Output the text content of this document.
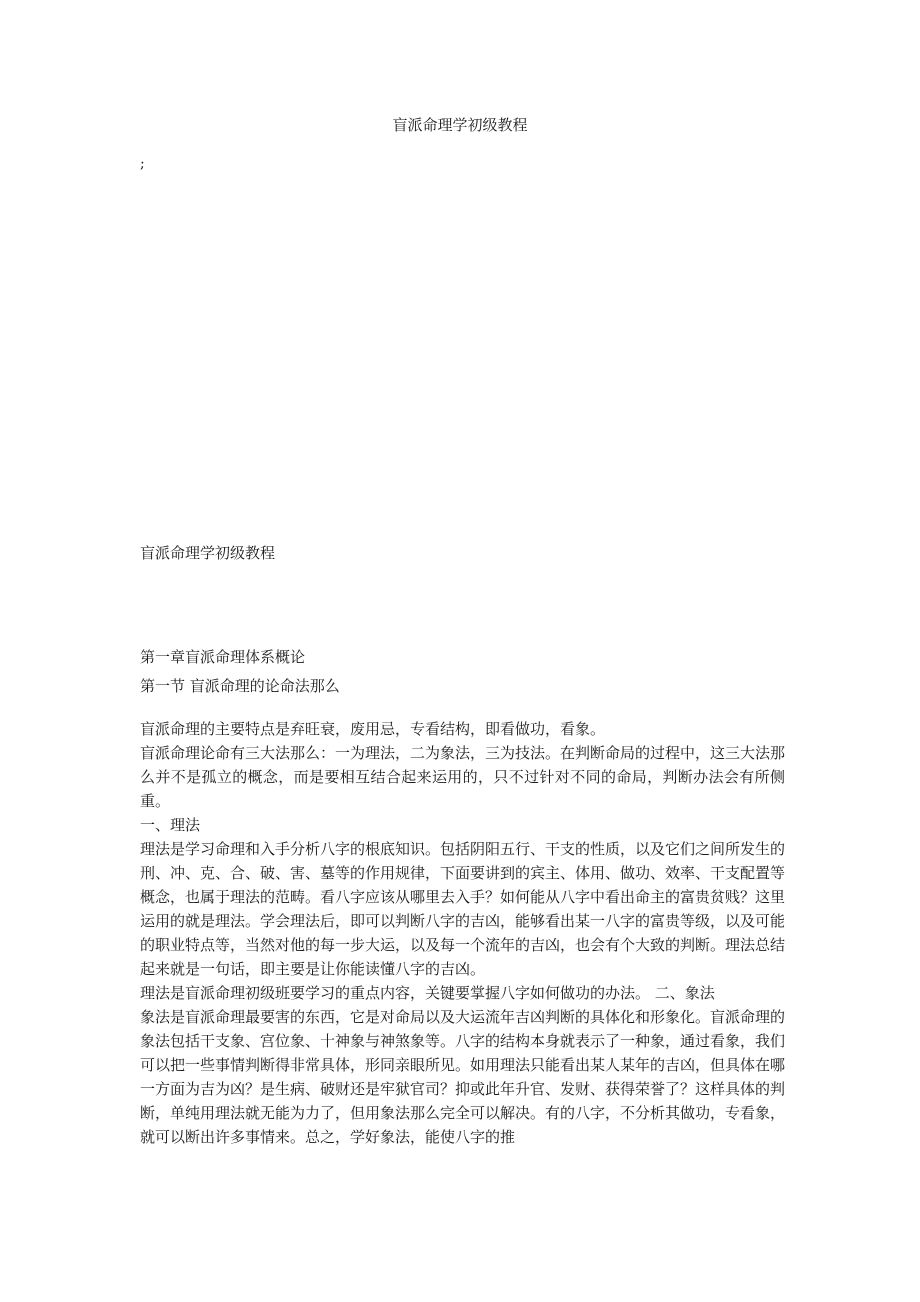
盲派命理学初级教程
;
盲派命理学初级教程
第一章盲派命理体系概论
第一节 盲派命理的论命法那么

盲派命理的主要特点是弃旺衰，废用忌，专看结构，即看做功，看象。

盲派命理论命有三大法那么：一为理法，二为象法，三为技法。在判断命局的过程中，这三大法那么并不是孤立的概念，而是要相互结合起来运用的，只不过针对不同的命局，判断办法会有所侧重。

一、理法

理法是学习命理和入手分析八字的根底知识。包括阴阳五行、干支的性质，以及它们之间所发生的刑、冲、克、合、破、害、墓等的作用规律，下面要讲到的宾主、体用、做功、效率、干支配置等概念，也属于理法的范畴。看八字应该从哪里去入手？如何能从八字中看出命主的富贵贫贱？这里运用的就是理法。学会理法后，即可以判断八字的吉凶，能够看出某一八字的富贵等级，以及可能的职业特点等，当然对他的每一步大运，以及每一个流年的吉凶，也会有个大致的判断。理法总结起来就是一句话，即主要是让你能读懂八字的吉凶。

理法是盲派命理初级班要学习的重点内容，关键要掌握八字如何做功的办法。 二、象法

象法是盲派命理最要害的东西，它是对命局以及大运流年吉凶判断的具体化和形象化。盲派命理的象法包括干支象、宫位象、十神象与神煞象等。八字的结构本身就表示了一种象，通过看象，我们可以把一些事情判断得非常具体，形同亲眼所见。如用理法只能看出某人某年的吉凶，但具体在哪一方面为吉为凶？是生病、破财还是牢狱官司？抑或此年升官、发财、获得荣誉了？这样具体的判断，单纯用理法就无能为力了，但用象法那么完全可以解决。有的八字，不分析其做功，专看象，就可以断出许多事情来。总之，学好象法，能使八字的推
